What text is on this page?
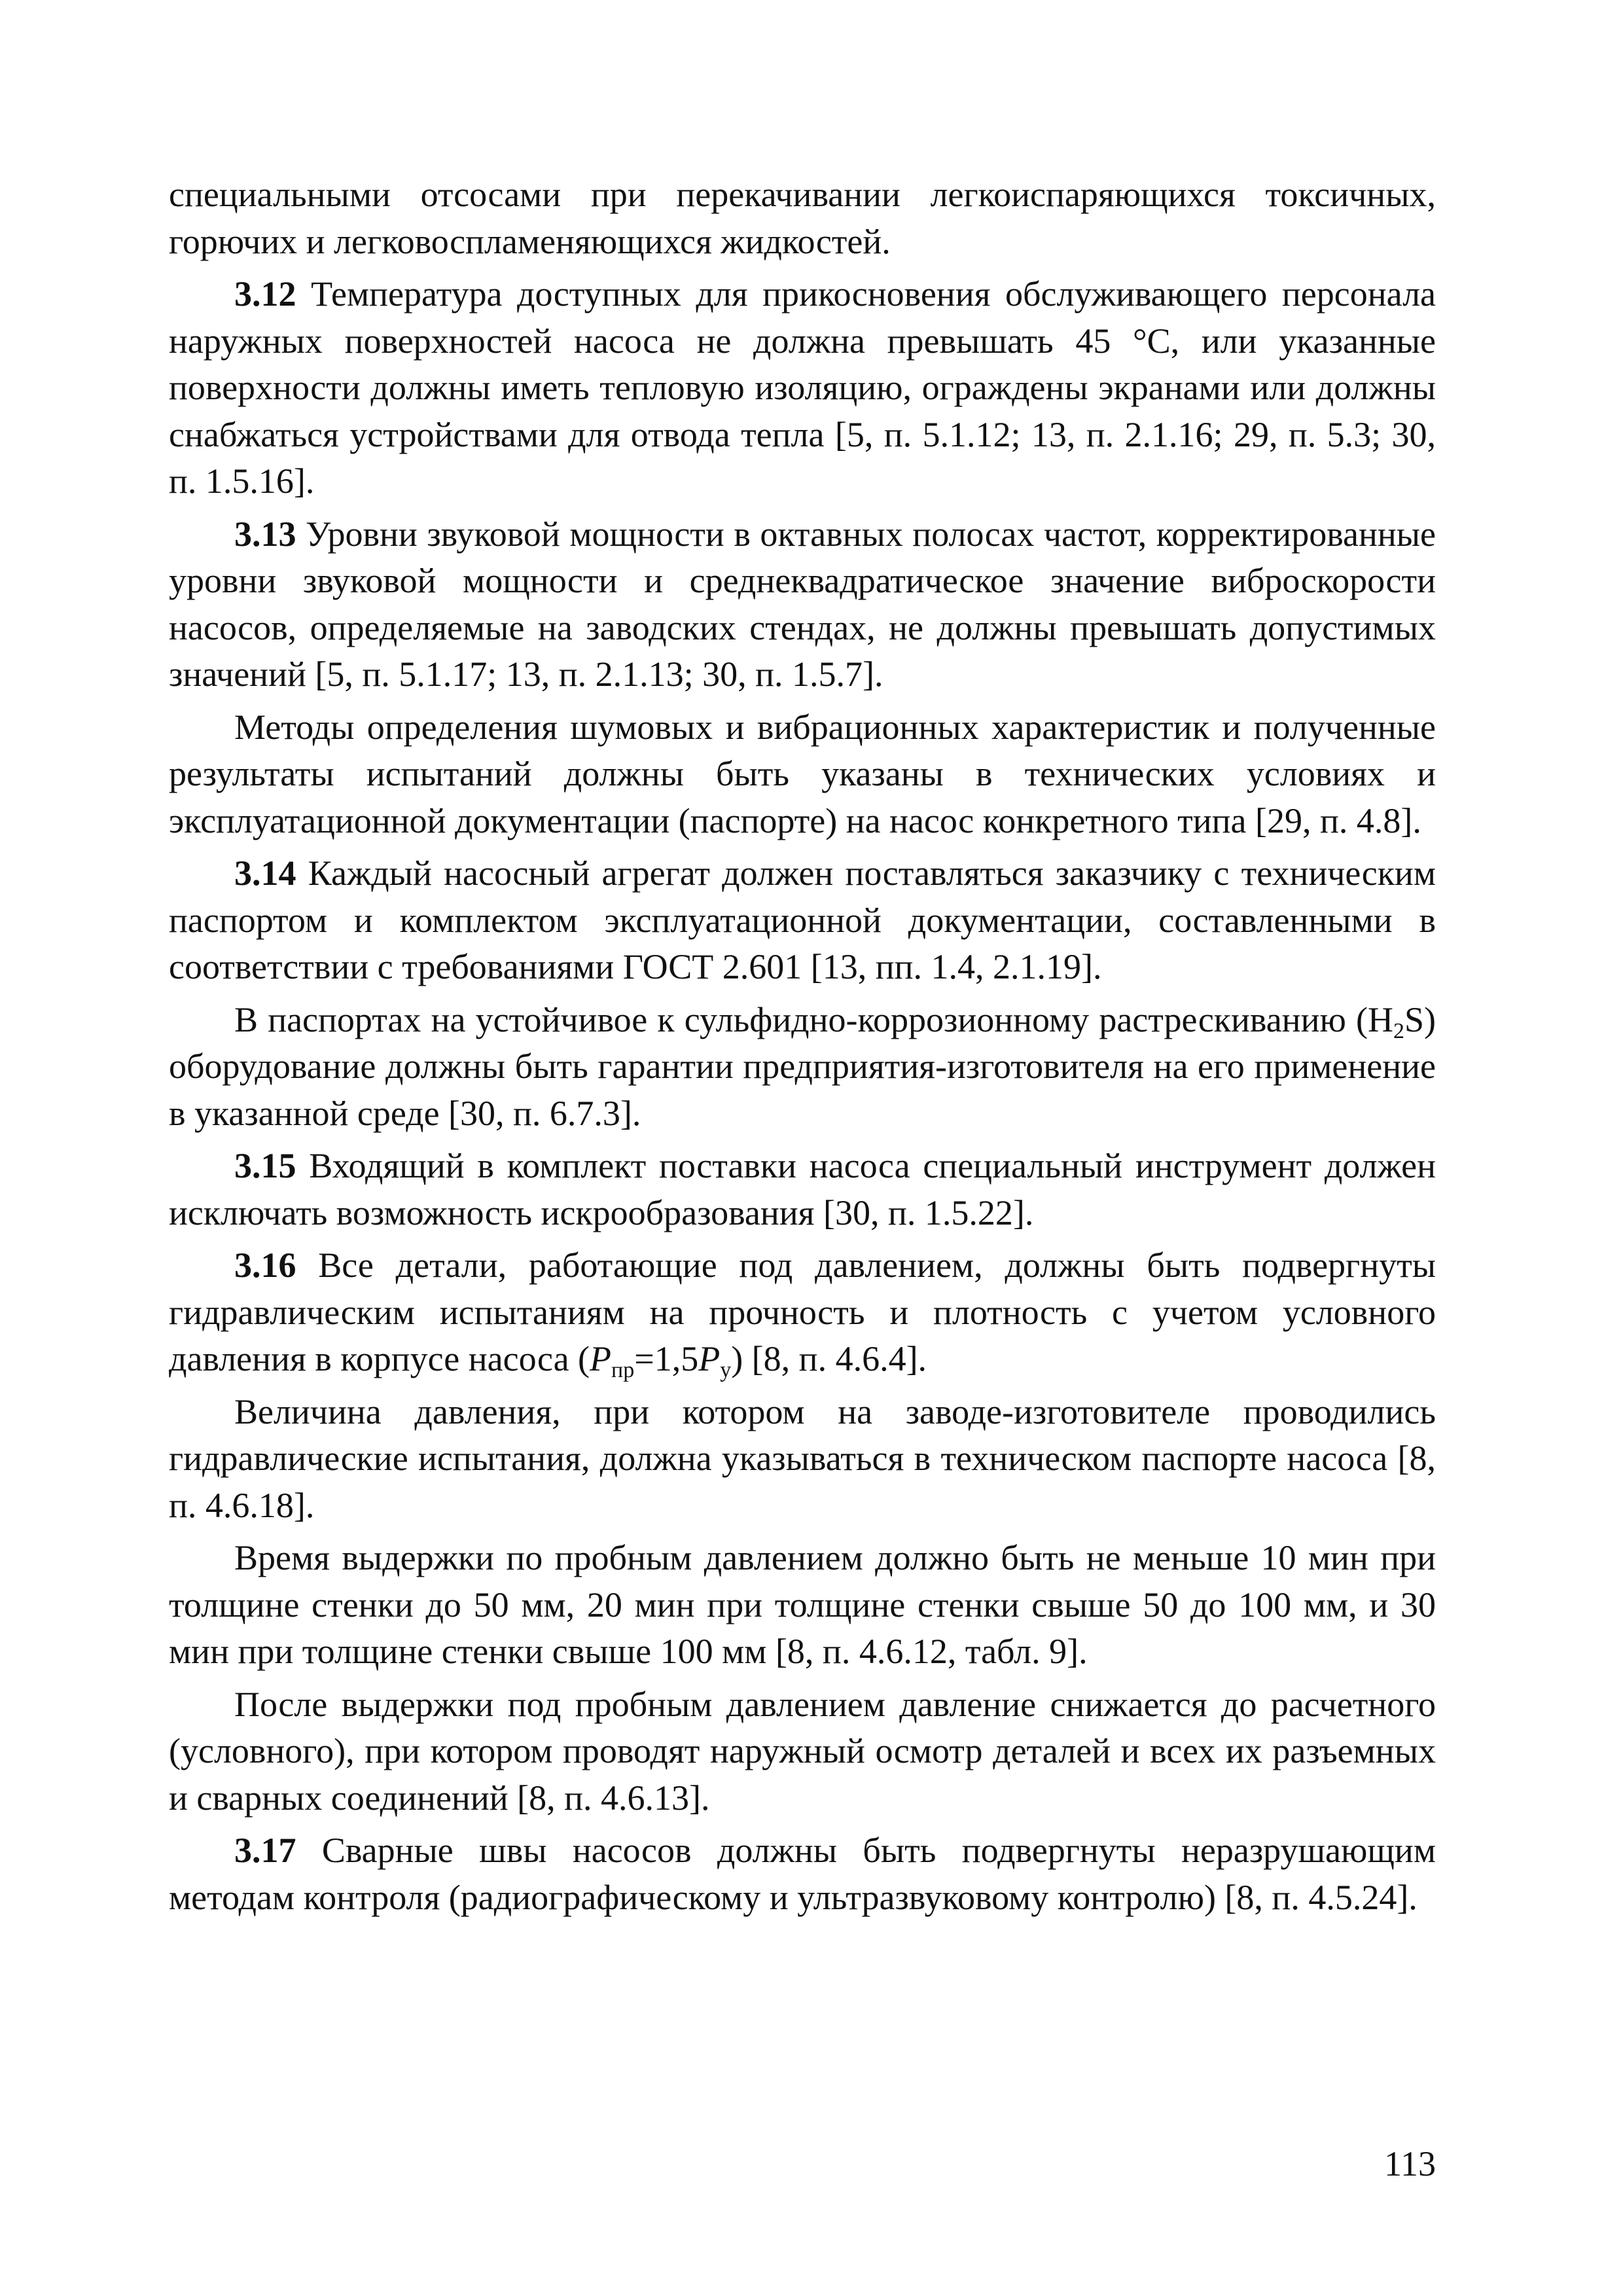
специальными отсосами при перекачивании легкоиспаряющихся токсичных, горючих и легковоспламеняющихся жидкостей.

3.12 Температура доступных для прикосновения обслуживающего персонала наружных поверхностей насоса не должна превышать 45 °С, или указанные поверхности должны иметь тепловую изоляцию, ограждены экранами или должны снабжаться устройствами для отвода тепла [5, п. 5.1.12; 13, п. 2.1.16; 29, п. 5.3; 30, п. 1.5.16].

3.13 Уровни звуковой мощности в октавных полосах частот, корректированные уровни звуковой мощности и среднеквадратическое значение виброскорости насосов, определяемые на заводских стендах, не должны превышать допустимых значений [5, п. 5.1.17; 13, п. 2.1.13; 30, п. 1.5.7].

Методы определения шумовых и вибрационных характеристик и полученные результаты испытаний должны быть указаны в технических условиях и эксплуатационной документации (паспорте) на насос конкретного типа [29, п. 4.8].

3.14 Каждый насосный агрегат должен поставляться заказчику с техническим паспортом и комплектом эксплуатационной документации, составленными в соответствии с требованиями ГОСТ 2.601 [13, пп. 1.4, 2.1.19].

В паспортах на устойчивое к сульфидно-коррозионному растрескиванию $(H_2S)$ оборудование должны быть гарантии предприятия-изготовителя на его применение в указанной среде [30, п. 6.7.3].

3.15 Входящий в комплект поставки насоса специальный инструмент должен исключать возможность искрообразования [30, п. 1.5.22].

3.16 Все детали, работающие под давлением, должны быть подвергнуты гидравлическим испытаниям на прочность и плотность с учетом условного давления в корпусе насоса $(P_{пр}=1,5P_у)$ [8, п. 4.6.4].

Величина давления, при котором на заводе-изготовителе проводились гидравлические испытания, должна указываться в техническом паспорте насоса [8, п. 4.6.18].

Время выдержки по пробным давлением должно быть не меньше 10 мин при толщине стенки до 50 мм, 20 мин при толщине стенки свыше 50 до 100 мм, и 30 мин при толщине стенки свыше 100 мм [8, п. 4.6.12, табл. 9].

После выдержки под пробным давлением давление снижается до расчетного (условного), при котором проводят наружный осмотр деталей и всех их разъемных и сварных соединений [8, п. 4.6.13].

3.17 Сварные швы насосов должны быть подвергнуты неразрушающим методам контроля (радиографическому и ультразвуковому контролю) [8, п. 4.5.24].

113
